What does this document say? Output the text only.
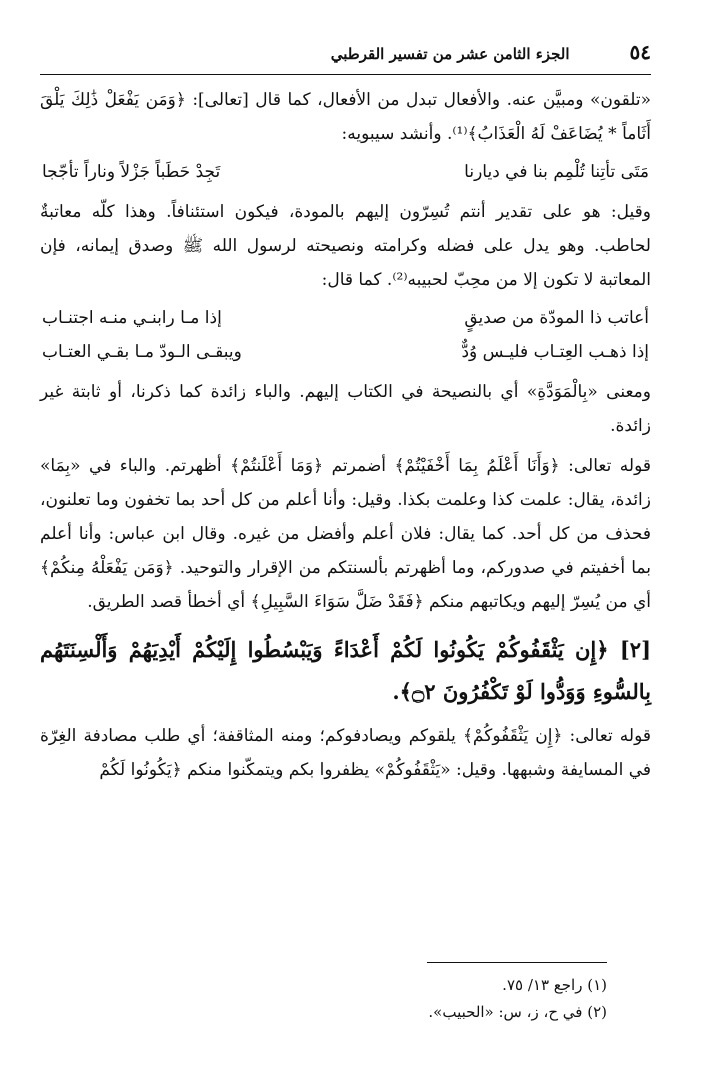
٥٤
الجزء الثامن عشر من تفسير القرطبي

«تلقون» ومبيَّن عنه. والأفعال تبدل من الأفعال، كما قال [تعالى]: ﴿وَمَن يَفْعَلْ ذَٰلِكَ يَلْقَ أَثَاماً * يُضَاعَفْ لَهُ الْعَذَابُ﴾⁽¹⁾. وأنشد سيبويه:

مَتَى تأتِنا تُلْمِم بنا في ديارنا
تَجِدْ حَطَباً جَزْلاً وناراً تأجّجا

وقيل: هو على تقدير أنتم تُسِرّون إليهم بالمودة، فيكون استئنافاً. وهذا كلّه معاتبةٌ لحاطب. وهو يدل على فضله وكرامته ونصيحته لرسول الله ﷺ وصدق إيمانه، فإن المعاتبة لا تكون إلا من محِبّ لحبيبه⁽²⁾. كما قال:

أعاتب ذا المودّة من صديقٍ
إذا مـا رابنـي منـه اجتنـاب
إذا ذهـب العِتـاب فليـس وُدٌّ
ويبقـى الـودّ مـا بقـي العتـاب

ومعنى «بِالْمَوَدَّةِ» أي بالنصيحة في الكتاب إليهم. والباء زائدة كما ذكرنا، أو ثابتة غير زائدة.

قوله تعالى: ﴿وَأَنَا أَعْلَمُ بِمَا أَخْفَيْتُمْ﴾ أضمرتم ﴿وَمَا أَعْلَنتُمْ﴾ أظهرتم. والباء في «بِمَا» زائدة، يقال: علمت كذا وعلمت بكذا. وقيل: وأنا أعلم من كل أحد بما تخفون وما تعلنون، فحذف من كل أحد. كما يقال: فلان أعلم وأفضل من غيره. وقال ابن عباس: وأنا أعلم بما أخفيتم في صدوركم، وما أظهرتم بألسنتكم من الإقرار والتوحيد. ﴿وَمَن يَفْعَلْهُ مِنكُمْ﴾ أي من يُسِرّ إليهم ويكاتبهم منكم ﴿فَقَدْ ضَلَّ سَوَاءَ السَّبِيلِ﴾ أي أخطأ قصد الطريق.

[٢] ﴿إِن يَثْقَفُوكُمْ يَكُونُوا لَكُمْ أَعْدَاءً وَيَبْسُطُوا إِلَيْكُمْ أَيْدِيَهُمْ وَأَلْسِنَتَهُم بِالسُّوءِ وَوَدُّوا لَوْ تَكْفُرُونَ ۝٢﴾.

قوله تعالى: ﴿إِن يَثْقَفُوكُمْ﴾ يلقوكم ويصادفوكم؛ ومنه المثاقفة؛ أي طلب مصادفة الغِرّة في المسايفة وشبهها. وقيل: «يَثْقَفُوكُمْ» يظفروا بكم ويتمكّنوا منكم ﴿يَكُونُوا لَكُمْ

(١) راجع ١٣/ ٧٥.
(٢) في ح، ز، س: «الحبيب».
